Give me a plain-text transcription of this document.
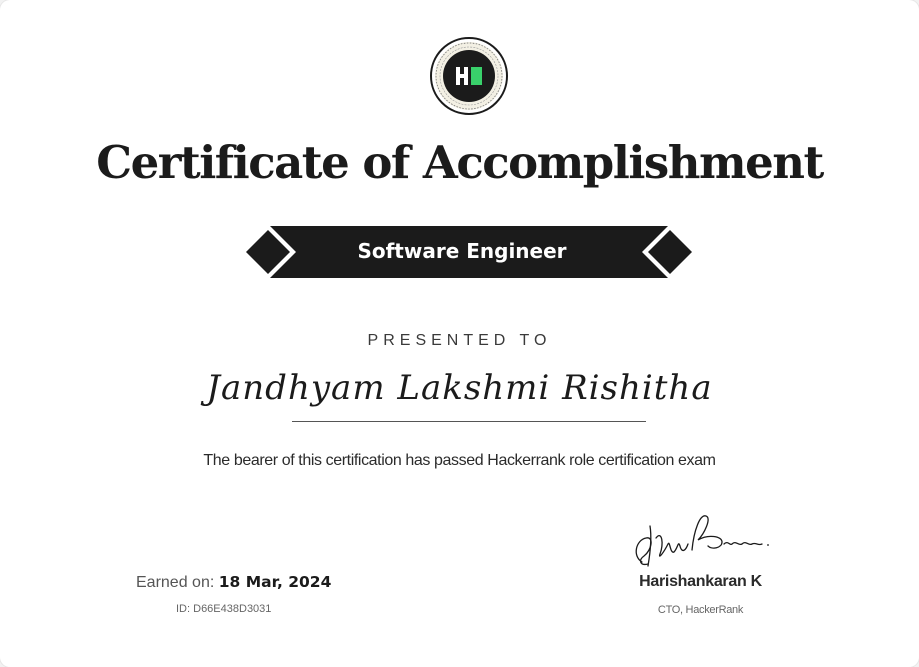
Certificate of Accomplishment
Software Engineer
PRESENTED TO
Jandhyam Lakshmi Rishitha
The bearer of this certification has passed Hackerrank role certification exam
Earned on: 18 Mar, 2024
ID: D66E438D3031
Harishankaran K
CTO, HackerRank
